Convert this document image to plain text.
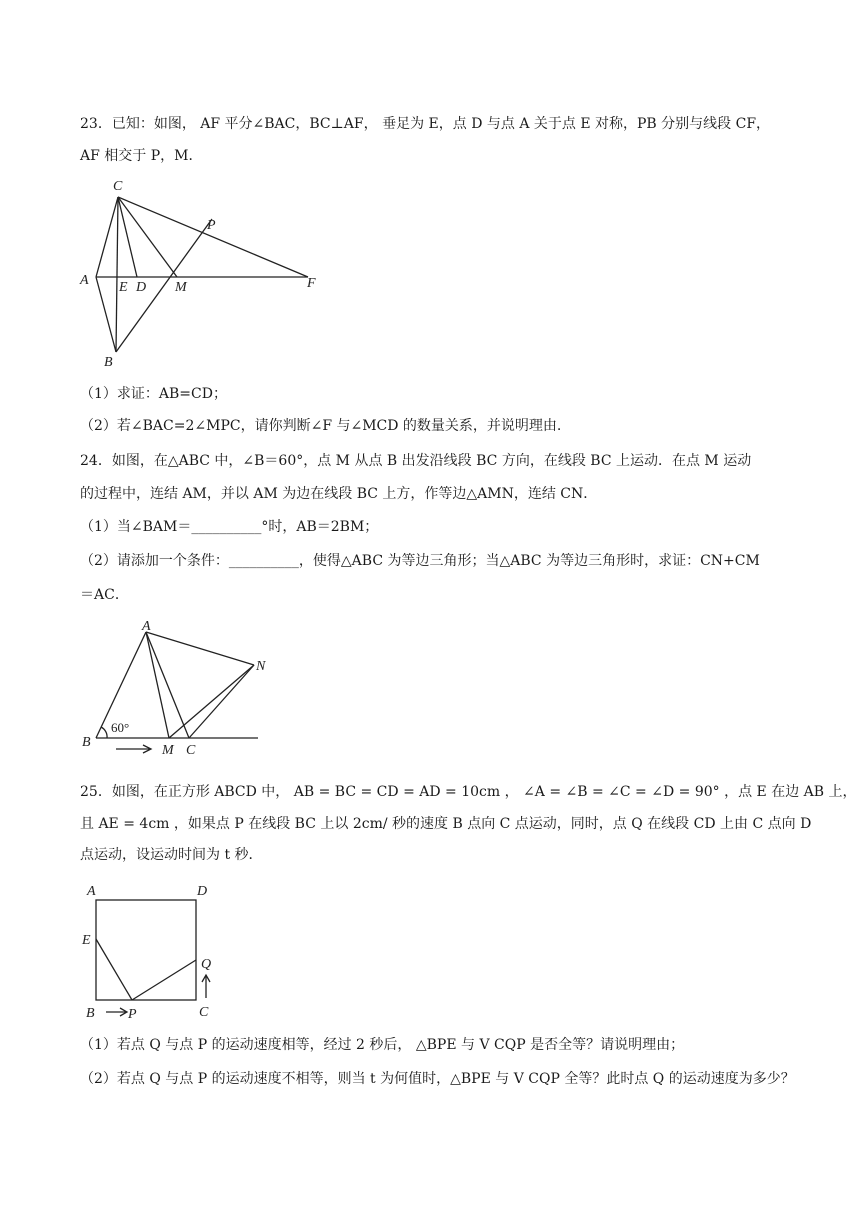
23．已知：如图， AF 平分∠BAC，BC⊥AF， 垂足为 E，点 D 与点 A 关于点 E 对称，PB 分别与线段 CF，
AF 相交于 P，M．
C
P
A E D M	F
B
（1）求证：AB=CD；
（2）若∠BAC=2∠MPC，请你判断∠F 与∠MCD 的数量关系，并说明理由.
24．如图，在△ABC 中，∠B＝60°，点 M 从点 B 出发沿线段 BC 方向，在线段 BC 上运动．在点 M 运动
的过程中，连结 AM，并以 AM 为边在线段 BC 上方，作等边△AMN，连结 CN．
（1）当∠BAM＝__________°时，AB＝2BM；
（2）请添加一个条件：__________，使得△ABC 为等边三角形；当△ABC 为等边三角形时，求证：CN+CM
＝AC．
A
N
60°
B
M C
25．如图，在正方形 ABCD 中， AB = BC = CD = AD = 10cm ， ∠A = ∠B = ∠C = ∠D = 90° ，点 E 在边 AB 上，
且 AE = 4cm ，如果点 P 在线段 BC 上以 2cm/ 秒的速度 B 点向 C 点运动，同时，点 Q 在线段 CD 上由 C 点向 D
点运动，设运动时间为 t 秒．
A	D
E
Q
B P	C
（1）若点 Q 与点 P 的运动速度相等，经过 2 秒后， △BPE 与 V CQP 是否全等？请说明理由；
（2）若点 Q 与点 P 的运动速度不相等，则当 t 为何值时，△BPE 与 V CQP 全等？此时点 Q 的运动速度为多少？
